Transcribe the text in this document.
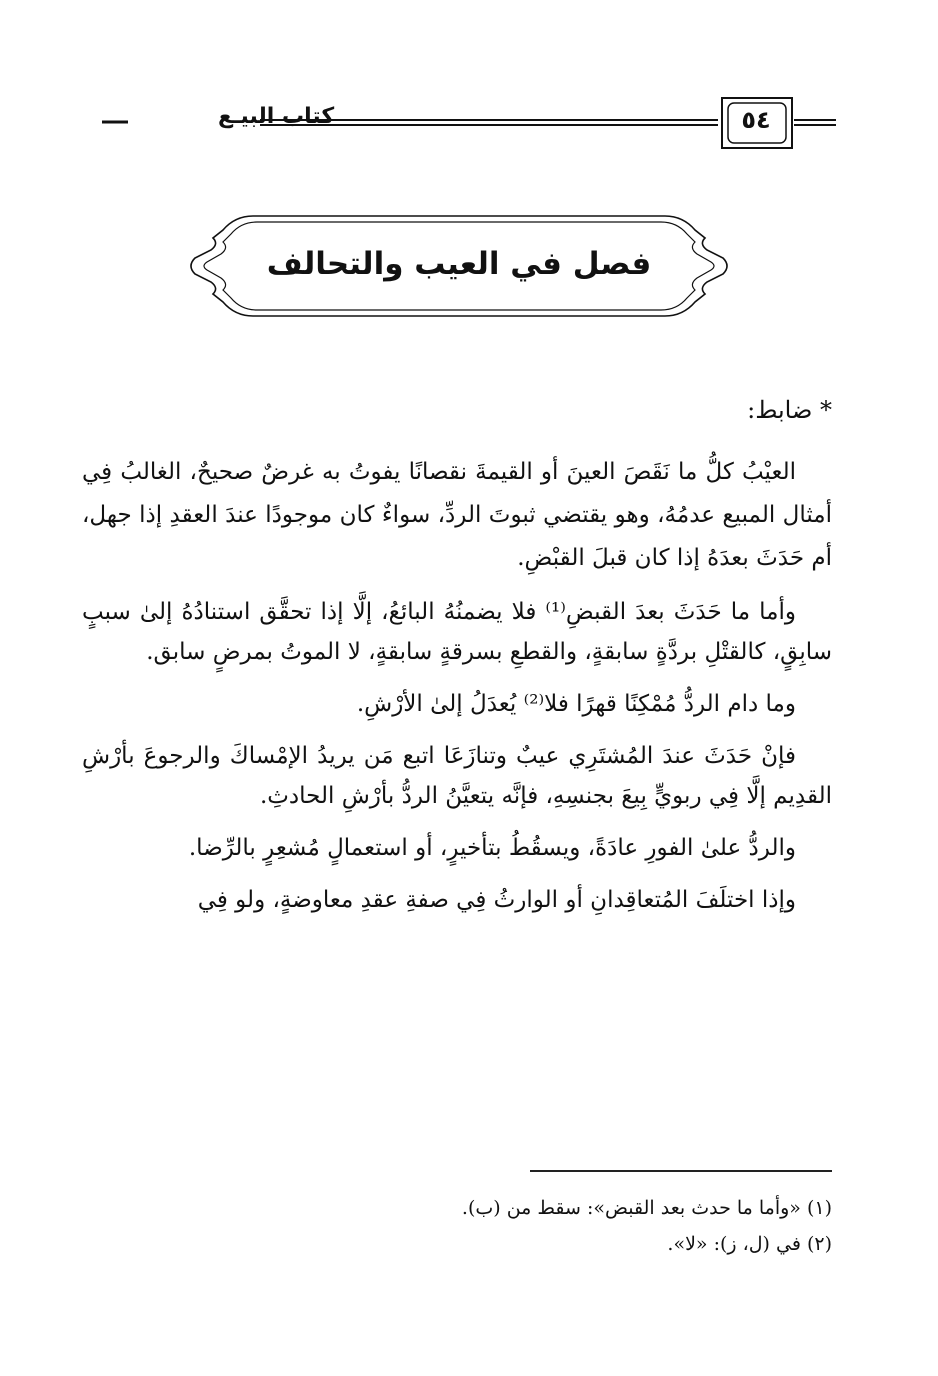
كتاب البيـع	٥٤
فصل في العيب والتحالف
* ضابط:

العيْبُ كلُّ ما نَقَصَ العينَ أو القيمةَ نقصانًا يفوتُ به غرضٌ صحيحٌ، الغالبُ فِي أمثال المبيع عدمُهُ، وهو يقتضي ثبوتَ الردِّ، سواءٌ كان موجودًا عندَ العقدِ إذا جهل، أم حَدَثَ بعدَهُ إذا كان قبلَ القبْضِ.

وأما ما حَدَثَ بعدَ القبضِ⁽¹⁾ فلا يضمنُهُ البائعُ، إلَّا إذا تحقَّق استنادُهُ إلىٰ سببٍ سابِقٍ، كالقتْلِ بردَّةٍ سابقةٍ، والقطعِ بسرقةٍ سابقةٍ، لا الموتُ بمرضٍ سابق.

وما دام الردُّ مُمْكِنًا قهرًا فلا⁽²⁾ يُعدَلُ إلىٰ الأرْشِ.

فإنْ حَدَثَ عندَ المُشتَرِي عيبٌ وتنازَعَا اتبع مَن يريدُ الإمْساكَ والرجوعَ بأرْشِ القدِيم إلَّا فِي ربويٍّ بِيعَ بجنسِهِ، فإنَّه يتعيَّنُ الردُّ بأرْشِ الحادثِ.

والردُّ علىٰ الفورِ عادَةً، ويسقُطُ بتأخيرٍ، أو استعمالٍ مُشعِرٍ بالرِّضا.

وإذا اختلَفَ المُتعاقِدانِ أو الوارثُ فِي صفةِ عقدِ معاوضةٍ، ولو فِي

(١) «وأما ما حدث بعد القبض»: سقط من (ب).

(٢) في (ل، ز): «لا».
